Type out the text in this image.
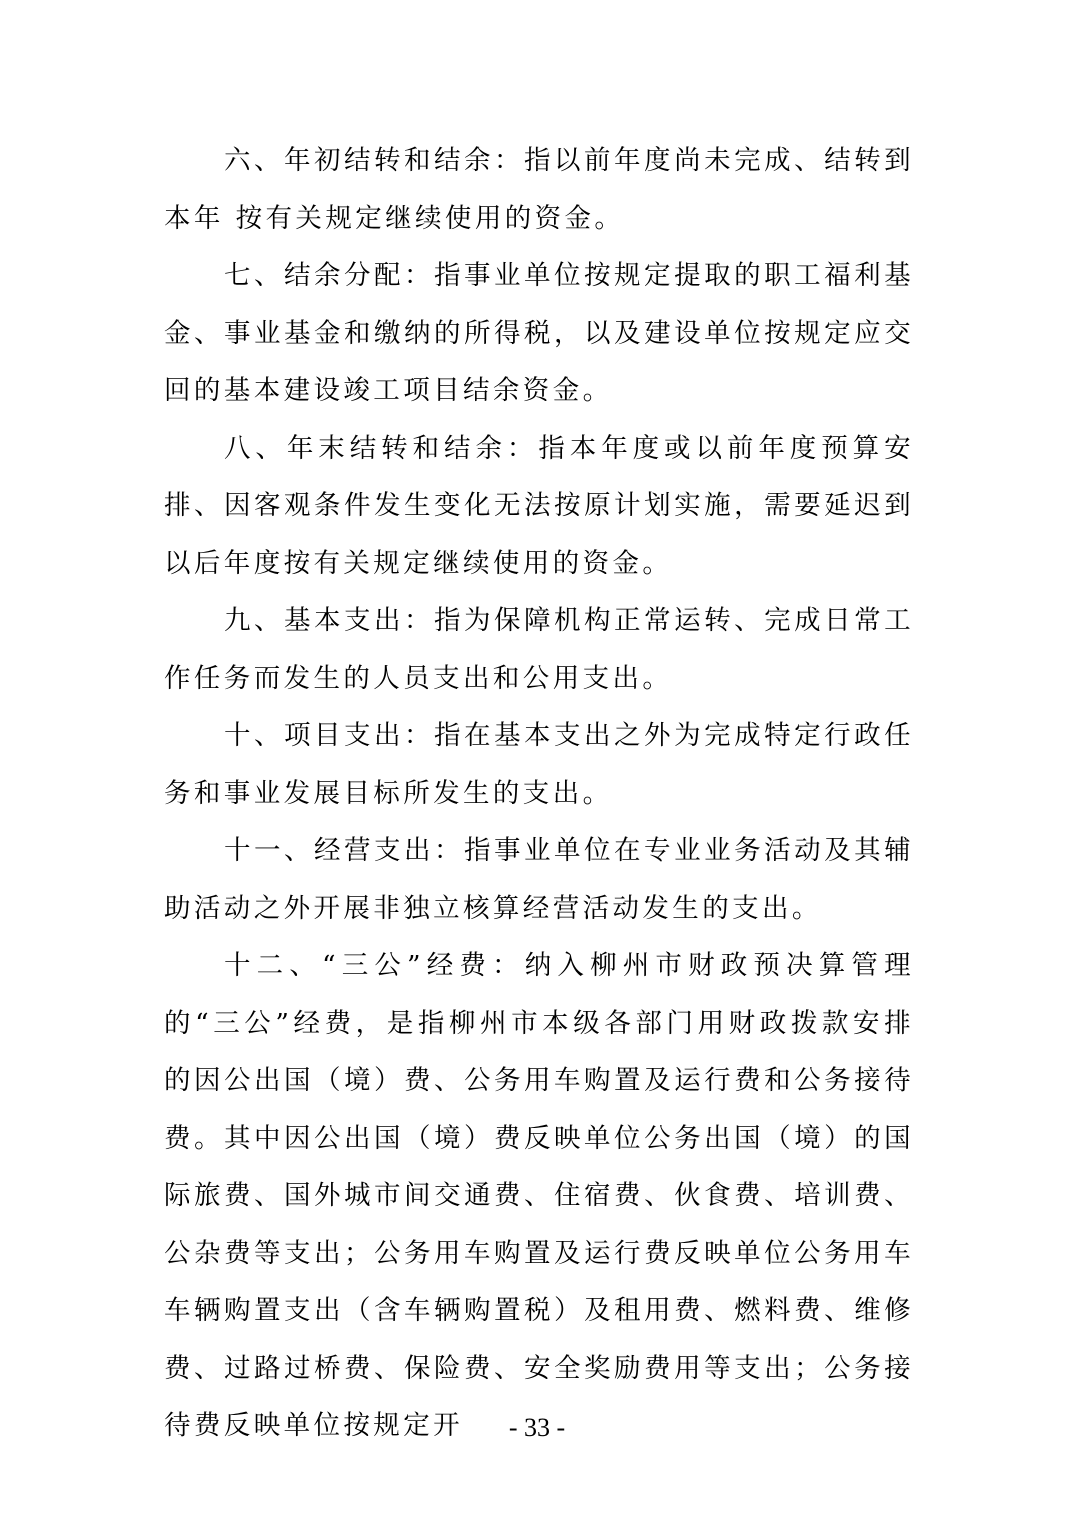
六、年初结转和结余：指以前年度尚未完成、结转到本年 按有关规定继续使用的资金。

七、结余分配：指事业单位按规定提取的职工福利基金、事业基金和缴纳的所得税，以及建设单位按规定应交回的基本建设竣工项目结余资金。

八、年末结转和结余：指本年度或以前年度预算安排、因客观条件发生变化无法按原计划实施，需要延迟到以后年度按有关规定继续使用的资金。

九、基本支出：指为保障机构正常运转、完成日常工作任务而发生的人员支出和公用支出。

十、项目支出：指在基本支出之外为完成特定行政任务和事业发展目标所发生的支出。

十一、经营支出：指事业单位在专业业务活动及其辅助活动之外开展非独立核算经营活动发生的支出。

十二、“三公”经费：纳入柳州市财政预决算管理的“三公”经费，是指柳州市本级各部门用财政拨款安排的因公出国（境）费、公务用车购置及运行费和公务接待费。其中因公出国（境）费反映单位公务出国（境）的国际旅费、国外城市间交通费、住宿费、伙食费、培训费、公杂费等支出；公务用车购置及运行费反映单位公务用车车辆购置支出（含车辆购置税）及租用费、燃料费、维修费、过路过桥费、保险费、安全奖励费用等支出；公务接待费反映单位按规定开	- 33 -
